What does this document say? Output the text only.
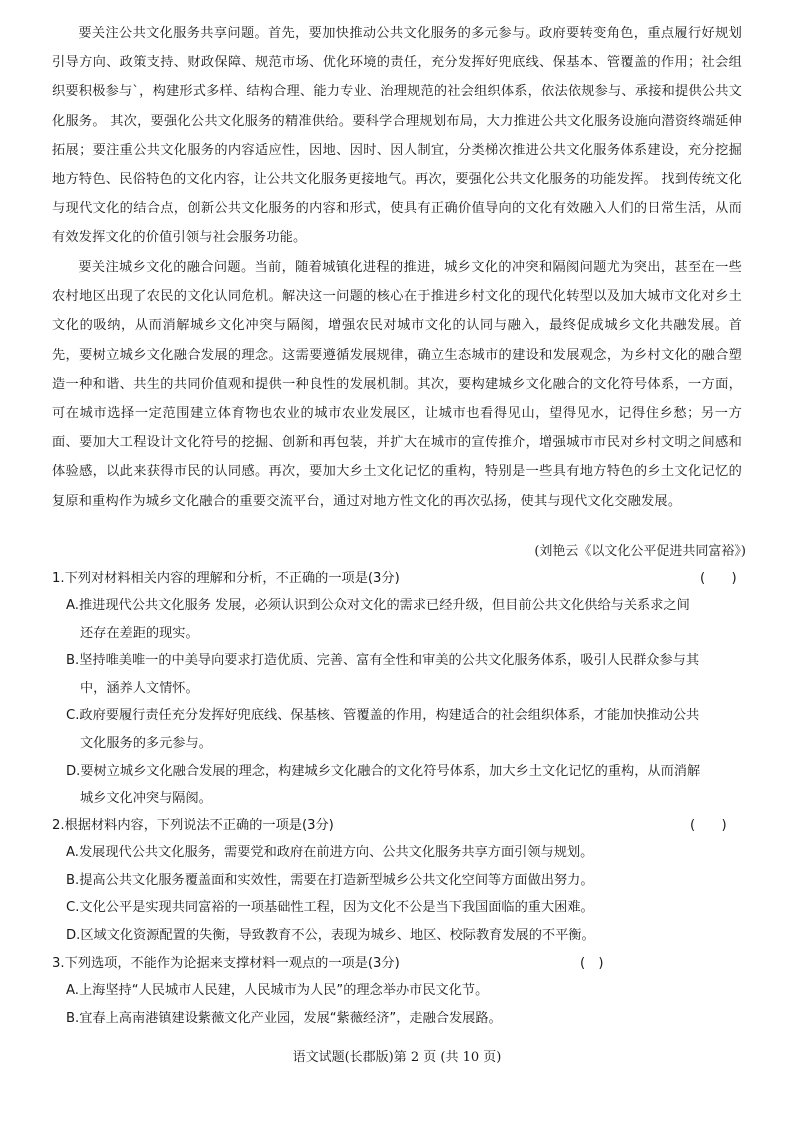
要关注公共文化服务共享问题。首先，要加快推动公共文化服务的多元参与。政府要转变角色，重点履行好规划引导方向、政策支持、财政保障、规范市场、优化环境的责任，充分发挥好兜底线、保基本、管覆盖的作用；社会组织要积极参与`，构建形式多样、结构合理、能力专业、治理规范的社会组织体系，依法依规参与、承接和提供公共文化服务。 其次，要强化公共文化服务的精准供给。要科学合理规划布局，大力推进公共文化服务设施向潜资终端延伸拓展；要注重公共文化服务的内容适应性，因地、因时、因人制宜，分类梯次推进公共文化服务体系建设，充分挖掘地方特色、民俗特色的文化内容，让公共文化服务更接地气。再次，要强化公共文化服务的功能发挥。 找到传统文化与现代文化的结合点，创新公共文化服务的内容和形式，使具有正确价值导向的文化有效融入人们的日常生活，从而有效发挥文化的价值引领与社会服务功能。

要关注城乡文化的融合问题。当前，随着城镇化进程的推进，城乡文化的冲突和隔阂问题尤为突出，甚至在一些农村地区出现了农民的文化认同危机。解决这一问题的核心在于推进乡村文化的现代化转型以及加大城市文化对乡土文化的吸纳，从而消解城乡文化冲突与隔阂，增强农民对城市文化的认同与融入，最终促成城乡文化共融发展。首先，要树立城乡文化融合发展的理念。这需要遵循发展规律，确立生态城市的建设和发展观念，为乡村文化的融合塑造一种和谐、共生的共同价值观和提供一种良性的发展机制。其次，要构建城乡文化融合的文化符号体系，一方面，可在城市选择一定范围建立体育物也农业的城市农业发展区，让城市也看得见山，望得见水，记得住乡愁；另一方面、要加大工程设计文化符号的挖掘、创新和再包装，并扩大在城市的宣传推介，增强城市市民对乡村文明之间感和体验感，以此来获得市民的认同感。再次，要加大乡土文化记忆的重构，特别是一些具有地方特色的乡土文化记忆的复原和重构作为城乡文化融合的重要交流平台，通过对地方性文化的再次弘扬，使其与现代文化交融发展。

(刘艳云《以文化公平促进共同富裕》)
1.下列对材料相关内容的理解和分析，不正确的一项是(3分)	(　　)
A.推进现代公共文化服务 发展，必须认识到公众对文化的需求已经升级，但目前公共文化供给与关系求之间
还存在差距的现实。
B.坚持唯美唯一的中美导向要求打造优质、完善、富有全性和审美的公共文化服务体系，吸引人民群众参与其
中，涵养人文情怀。
C.政府要履行责任充分发挥好兜底线、保基核、管覆盖的作用，构建适合的社会组织体系，才能加快推动公共
文化服务的多元参与。
D.要树立城乡文化融合发展的理念，构建城乡文化融合的文化符号体系，加大乡土文化记忆的重构，从而消解
城乡文化冲突与隔阂。
2.根据材料内容，下列说法不正确的一项是(3分)	(　　)
A.发展现代公共文化服务，需要党和政府在前进方向、公共文化服务共享方面引领与规划。
B.提高公共文化服务覆盖面和实效性，需要在打造新型城乡公共文化空间等方面做出努力。
C.文化公平是实现共同富裕的一项基础性工程，因为文化不公是当下我国面临的重大困难。
D.区域文化资源配置的失衡，导致教育不公，表现为城乡、地区、校际教育发展的不平衡。
3.下列选项，不能作为论据来支撑材料一观点的一项是(3分)	(　)
A.上海坚持“人民城市人民建，人民城市为人民”的理念举办市民文化节。
B.宜春上高南港镇建设紫薇文化产业园，发展“紫薇经济”，走融合发展路。
语文试题(长郡版)第 2 页 (共 10 页)
